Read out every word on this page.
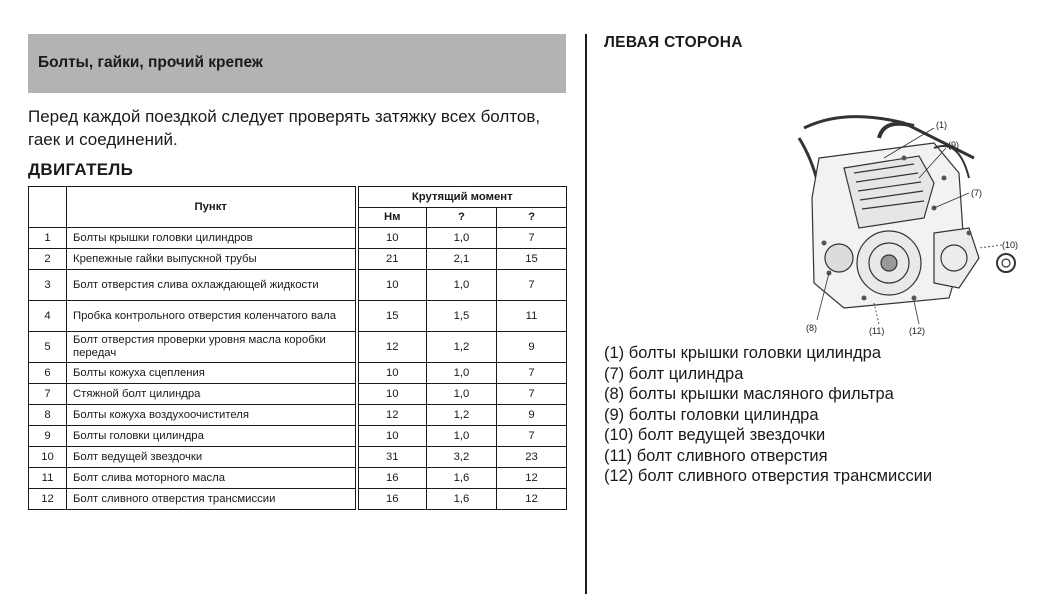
Болты, гайки, прочий крепеж
Перед каждой поездкой следует проверять затяжку всех болтов, гаек и соединений.
ДВИГАТЕЛЬ
	Пункт	Крутящий момент		
		Нм	?	?
1	Болты крышки головки цилиндров	10	1,0	7
2	Крепежные гайки выпускной трубы	21	2,1	15
3	Болт отверстия слива охлаждающей жидкости	10	1,0	7
4	Пробка контрольного отверстия коленчатого вала	15	1,5	11
5	Болт отверстия проверки уровня масла коробки передач	12	1,2	9
6	Болты кожуха сцепления	10	1,0	7
7	Стяжной болт цилиндра	10	1,0	7
8	Болты кожуха воздухоочистителя	12	1,2	9
9	Болты головки цилиндра	10	1,0	7
10	Болт ведущей звездочки	31	3,2	23
11	Болт слива моторного масла	16	1,6	12
12	Болт сливного отверстия трансмиссии	16	1,6	12
ЛЕВАЯ СТОРОНА
(1)
(9)
(7)
(10)
(8)	(11)	(12)
(1) болты крышки головки цилиндра
(7) болт цилиндра
(8) болты крышки масляного фильтра
(9) болты головки цилиндра
(10) болт ведущей звездочки
(11) болт сливного отверстия
(12) болт сливного отверстия трансмиссии
